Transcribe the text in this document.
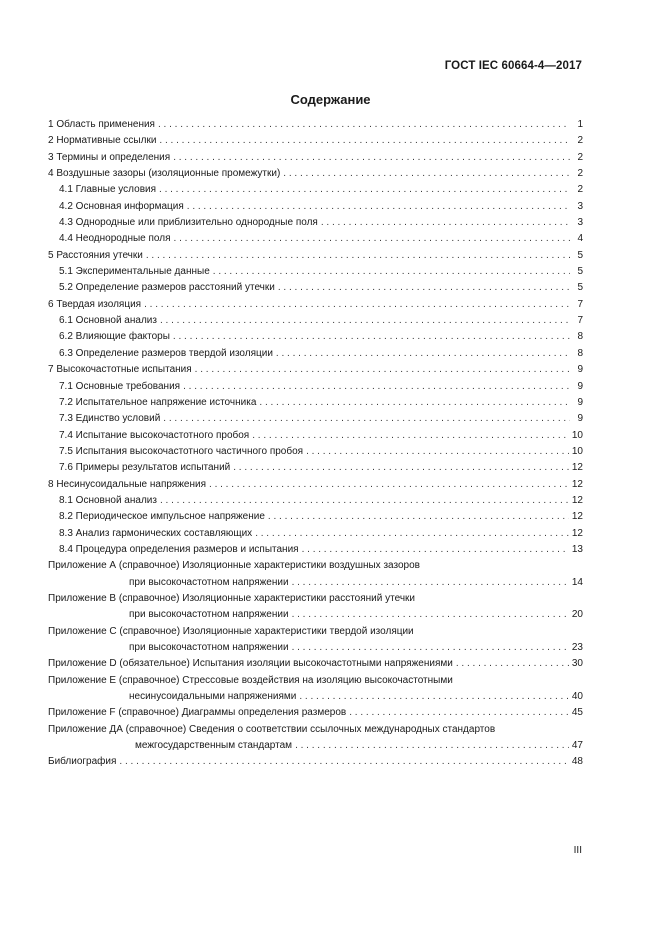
ГОСТ IEC 60664-4—2017
Содержание
1 Область применения . . .	1
2 Нормативные ссылки . . .	2
3 Термины и определения . . .	2
4 Воздушные зазоры (изоляционные промежутки) . . .	2
4.1 Главные условия . . .	2
4.2 Основная информация . . .	3
4.3 Однородные или приблизительно однородные поля . . .	3
4.4 Неоднородные поля . . .	4
5 Расстояния утечки . . .	5
5.1 Экспериментальные данные . . .	5
5.2 Определение размеров расстояний утечки . . .	5
6 Твердая изоляция . . .	7
6.1 Основной анализ . . .	7
6.2 Влияющие факторы . . .	8
6.3 Определение размеров твердой изоляции . . .	8
7 Высокочастотные испытания . . .	9
7.1 Основные требования . . .	9
7.2 Испытательное напряжение источника . . .	9
7.3 Единство условий . . .	9
7.4 Испытание высокочастотного пробоя . . .	10
7.5 Испытания высокочастотного частичного пробоя . . .	10
7.6 Примеры результатов испытаний . . .	12
8 Несинусоидальные напряжения . . .	12
8.1 Основной анализ . . .	12
8.2 Периодическое импульсное напряжение . . .	12
8.3 Анализ гармонических составляющих . . .	12
8.4 Процедура определения размеров и испытания . . .	13
Приложение А (справочное) Изоляционные характеристики воздушных зазоров
при высокочастотном напряжении . . .	14
Приложение В (справочное) Изоляционные характеристики расстояний утечки
при высокочастотном напряжении . . .	20
Приложение С (справочное) Изоляционные характеристики твердой изоляции
при высокочастотном напряжении . . .	23
Приложение D (обязательное) Испытания изоляции высокочастотными напряжениями . . .	30
Приложение Е (справочное) Стрессовые воздействия на изоляцию высокочастотными
несинусоидальными напряжениями . . .	40
Приложение F (справочное) Диаграммы определения размеров . . .	45
Приложение ДА (справочное) Сведения о соответствии ссылочных международных стандартов
межгосударственным стандартам . . .	47
Библиография . . .	48
III
